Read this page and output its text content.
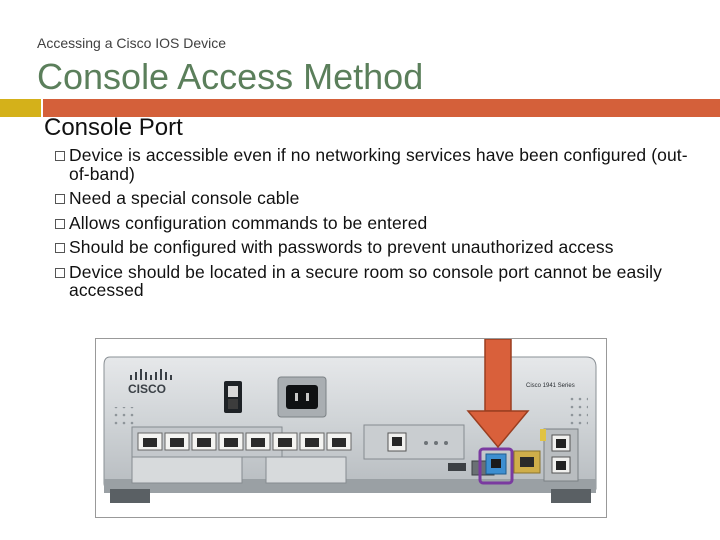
Accessing a Cisco IOS Device
Console Access Method
Console Port
Device is accessible even if no networking services have been configured (out-of-band)
Need a special console cable
Allows configuration commands to be entered
Should be configured with passwords to prevent unauthorized access
Device should be located in a secure room so console port cannot be easily accessed
CISCO	Cisco 1941 Series
